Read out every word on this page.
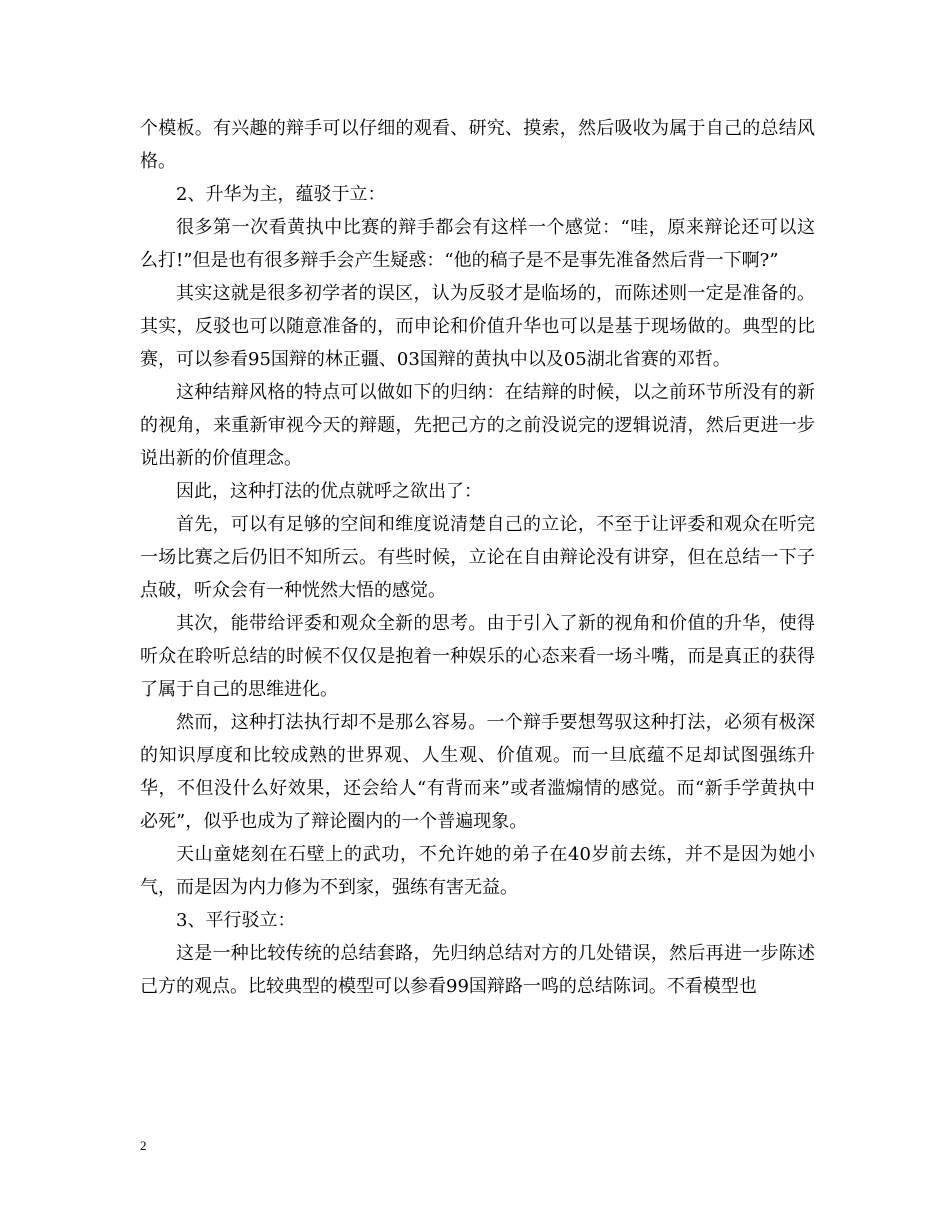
个模板。有兴趣的辩手可以仔细的观看、研究、摸索，然后吸收为属于自己的总结风格。

2、升华为主，蕴驳于立：

很多第一次看黄执中比赛的辩手都会有这样一个感觉：“哇，原来辩论还可以这么打!”但是也有很多辩手会产生疑惑：“他的稿子是不是事先准备然后背一下啊?”

其实这就是很多初学者的误区，认为反驳才是临场的，而陈述则一定是准备的。其实，反驳也可以随意准备的，而申论和价值升华也可以是基于现场做的。典型的比赛，可以参看95国辩的林正疆、03国辩的黄执中以及05湖北省赛的邓哲。

这种结辩风格的特点可以做如下的归纳：在结辩的时候，以之前环节所没有的新的视角，来重新审视今天的辩题，先把己方的之前没说完的逻辑说清，然后更进一步说出新的价值理念。

因此，这种打法的优点就呼之欲出了：

首先，可以有足够的空间和维度说清楚自己的立论，不至于让评委和观众在听完一场比赛之后仍旧不知所云。有些时候，立论在自由辩论没有讲穿，但在总结一下子点破，听众会有一种恍然大悟的感觉。

其次，能带给评委和观众全新的思考。由于引入了新的视角和价值的升华，使得听众在聆听总结的时候不仅仅是抱着一种娱乐的心态来看一场斗嘴，而是真正的获得了属于自己的思维进化。

然而，这种打法执行却不是那么容易。一个辩手要想驾驭这种打法，必须有极深的知识厚度和比较成熟的世界观、人生观、价值观。而一旦底蕴不足却试图强练升华，不但没什么好效果，还会给人“有背而来”或者滥煽情的感觉。而“新手学黄执中必死”，似乎也成为了辩论圈内的一个普遍现象。

天山童姥刻在石壁上的武功，不允许她的弟子在40岁前去练，并不是因为她小气，而是因为内力修为不到家，强练有害无益。

3、平行驳立：

这是一种比较传统的总结套路，先归纳总结对方的几处错误，然后再进一步陈述己方的观点。比较典型的模型可以参看99国辩路一鸣的总结陈词。不看模型也

2
